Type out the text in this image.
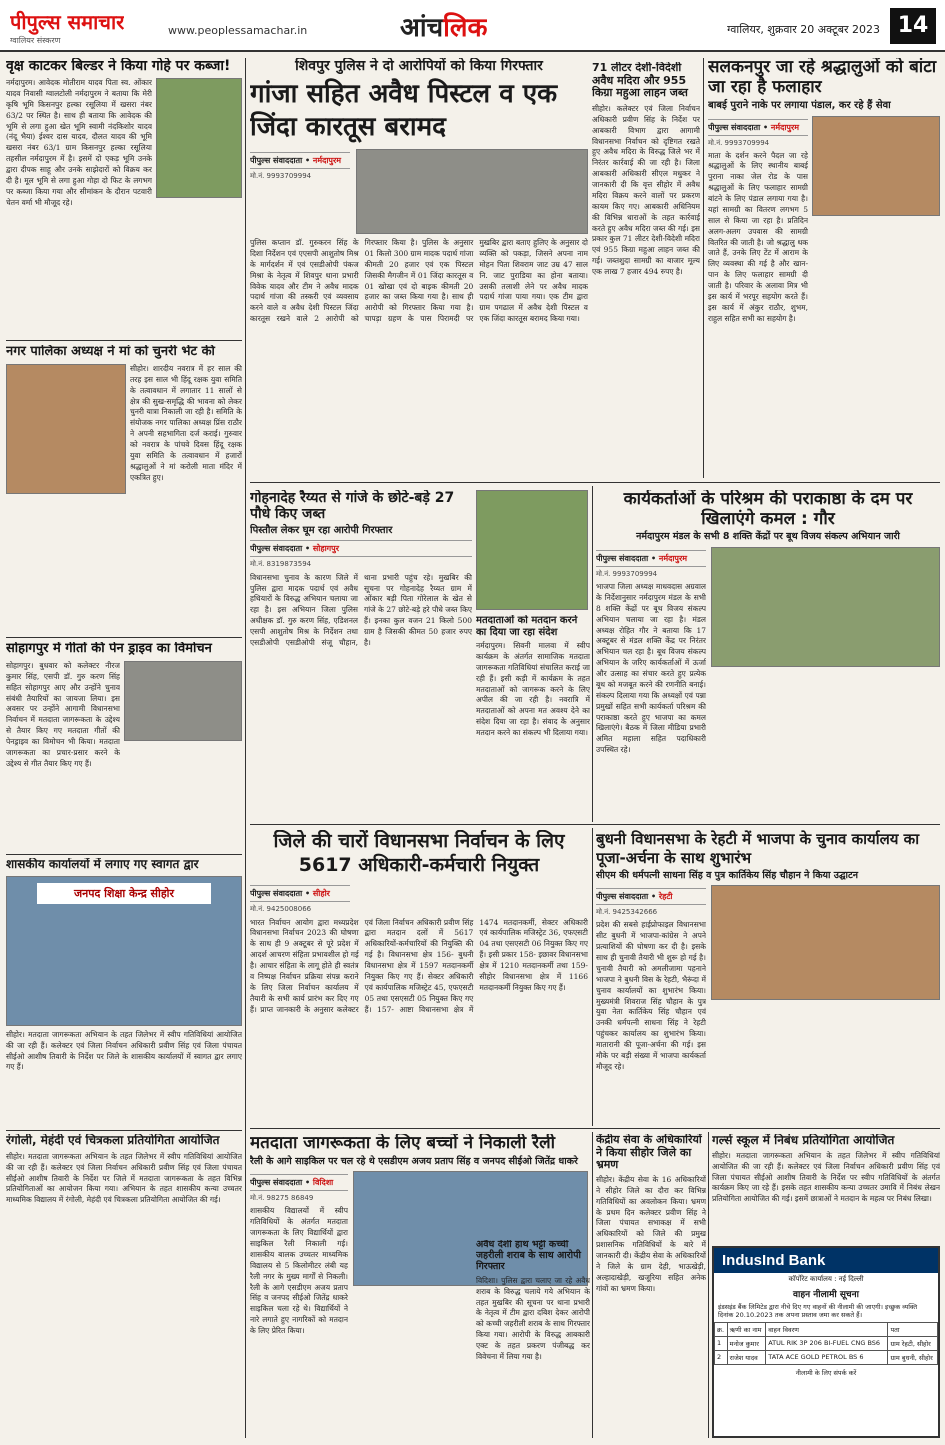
पीपुल्स समाचार
ग्वालियर संस्करण
www.peoplessamachar.in	आंचलिक	ग्वालियर, शुक्रवार 20 अक्टूबर 2023 14
वृक्ष काटकर बिल्डर ने किया गोहे पर कब्जा!
नर्मदापुरम। आवेदक मोतीराम यादव पिता स्व. ओंकार यादव निवासी ग्वालटोली नर्मदापुरम ने बताया कि मेरी कृषि भूमि किसनपुर हल्का रसूलिया में खसरा नंबर 63/2 पर स्थित है। साथ ही बताया कि आवेदक की भूमि से लगा हुआ खेत भूमि स्वामी नंदकिशोर यादव (नंदू भैया) ईश्वर दास यादव, दौलत यादव की भूमि खसरा नंबर 63/1 ग्राम किसनपुर हल्का रसूलिया तहसील नर्मदापुरम में है। इसमें दो एकड़ भूमि उनके द्वारा दीपक साहू और उनके साझेदारों को विक्रय कर दी है। मूल भूमि से लगा हुआ गोहा दो फिट के लगभग पर कब्जा किया गया और सीमांकन के दौरान पटवारी चेतन वर्मा भी मौजूद रहे।
नगर पालिका अध्यक्ष ने मां को चुनरी भेंट की
सीहोर। शारदीय नवरात्र में हर साल की तरह इस साल भी हिंदू रक्षक युवा समिति के तत्वावधान में लगातार 11 सालों से क्षेत्र की सुख-समृद्धि की भावना को लेकर चुनरी यात्रा निकाली जा रही है। समिति के संयोजक नगर पालिका अध्यक्ष प्रिंस राठौर ने अपनी सहभागिता दर्ज कराई। गुरुवार को नवरात्र के पांचवे दिवस हिंदू रक्षक युवा समिति के तत्वावधान में हजारों श्रद्धालुओं ने मां करोली माता मंदिर में एकत्रित हुए।
सोहागपुर में गीतों की पेन ड्राइव का विमोचन
सोहागपुर। बुधवार को कलेक्टर नीरज कुमार सिंह, एसपी डॉ. गुरु करण सिंह सहित सोहागपुर आए और उन्होंने चुनाव संबंधी तैयारियों का जायजा लिया। इस अवसर पर उन्होंने आगामी विधानसभा निर्वाचन में मतदाता जागरूकता के उद्देश्य से तैयार किए गए मतदाता गीतों की पेनड्राइव का विमोचन भी किया। मतदाता जागरूकता का प्रचार-प्रसार करने के उद्देश्य से गीत तैयार किए गए हैं।
शासकीय कार्यालयों में लगाए गए स्वागत द्वार
जनपद शिक्षा केन्द्र सीहोर
सीहोर। मतदाता जागरूकता अभियान के तहत जिलेभर में स्वीप गतिविधियां आयोजित की जा रही हैं। कलेक्टर एवं जिला निर्वाचन अधिकारी प्रवीण सिंह एवं जिला पंचायत सीईओ आशीष तिवारी के निर्देश पर जिले के शासकीय कार्यालयों में स्वागत द्वार लगाए गए हैं।
रंगोली, मेहंदी एवं चित्रकला प्रतियोगिता आयोजित
सीहोर। मतदाता जागरूकता अभियान के तहत जिलेभर में स्वीप गतिविधियां आयोजित की जा रही हैं। कलेक्टर एवं जिला निर्वाचन अधिकारी प्रवीण सिंह एवं जिला पंचायत सीईओ आशीष तिवारी के निर्देश पर जिले में मतदाता जागरूकता के तहत विभिन्न प्रतियोगिताओं का आयोजन किया गया। अभियान के तहत शासकीय कन्या उच्चतर माध्यमिक विद्यालय में रंगोली, मेहंदी एवं चित्रकला प्रतियोगिता आयोजित की गई।
शिवपुर पुलिस ने दो आरोपियों को किया गिरफ्तार
गांजा सहित अवैध पिस्टल व एक जिंदा कारतूस बरामद
पीपुल्स संवाददाता • नर्मदापुरम
मो.नं. 9993709994
पुलिस कप्तान डॉ. गुरुकरन सिंह के दिशा निर्देशन एवं एएसपी आशुतोष मिश्र के मार्गदर्शन में एवं एसडीओपी पंकज मिश्रा के नेतृत्व में शिवपुर थाना प्रभारी विवेक यादव और टीम ने अवैध मादक पदार्थ गांजा की तस्करी एवं व्यवसाय करने वाले व अवैध देशी पिस्टल जिंदा कारतूस रखने वाले 2 आरोपी को गिरफ्तार किया है। पुलिस के अनुसार 01 किलो 300 ग्राम मादक पदार्थ गांजा कीमती 20 हजार एवं एक पिस्टल जिसकी मैगजीन में 01 जिंदा कारतूस व 01 खोखा एवं दो बाइक कीमती 20 हजार का जब्त किया गया है। साथ ही आरोपी को गिरफ्तार किया गया है। चापड़ा ग्रहण के पास पिरामदी पर मुखबिर द्वारा बताए हुलिए के अनुसार दो व्यक्ति को पकड़ा, जिसने अपना नाम मोहन पिता शिवराम जाट उम्र 47 साल नि. जाट पुराडिया का होना बताया। उसकी तलाशी लेने पर अवैध मादक पदार्थ गांजा पाया गया। एक टीम द्वारा ग्राम पगढाल में अवैध देशी पिस्टल व एक जिंदा कारतूस बरामद किया गया।
71 लीटर देशी-विदेशी अवैध मदिरा और 955 किग्रा महुआ लाहन जब्त
सीहोर। कलेक्टर एवं जिला निर्वाचन अधिकारी प्रवीण सिंह के निर्देश पर आबकारी विभाग द्वारा आगामी विधानसभा निर्वाचन को दृष्टिगत रखते हुए अवैध मदिरा के विरुद्ध जिले भर में निरंतर कार्रवाई की जा रही है। जिला आबकारी अधिकारी सीएल मधुकर ने जानकारी दी कि वृत्त सीहोर में अवैध मदिरा विक्रय करने वालों पर प्रकरण कायम किए गए। आबकारी अधिनियम की विभिन्न धाराओं के तहत कार्रवाई करते हुए अवैध मदिरा जब्त की गई। इस प्रकार कुल 71 लीटर देशी-विदेशी मदिरा एवं 955 किग्रा महुआ लाहन जब्त की गई। जब्तशुदा सामग्री का बाजार मूल्य एक लाख 7 हजार 494 रुपए है।
सलकनपुर जा रहे श्रद्धालुओं को बांटा जा रहा है फलाहार
बाबई पुराने नाके पर लगाया पंडाल, कर रहे हैं सेवा
पीपुल्स संवाददाता • नर्मदापुरम
मो.नं. 9993709994
माता के दर्शन करने पैदल जा रहे श्रद्धालुओं के लिए स्थानीय बाबई पुराना नाका जेल रोड के पास श्रद्धालुओं के लिए फलाहार सामग्री बांटने के लिए पंडाल लगाया गया है। यहां सामग्री का वितरण लगभग 5 साल से किया जा रहा है। प्रतिदिन अलग-अलग उपवास की सामग्री वितरित की जाती है। जो श्रद्धालु थक जाते हैं, उनके लिए टेंट में आराम के लिए व्यवस्था की गई है और खान-पान के लिए फलाहार सामग्री दी जाती है। परिवार के अलावा मित्र भी इस कार्य में भरपूर सहयोग करते हैं। इस कार्य में अंकुर राठौर, शुभम, राहुल सहित सभी का सहयोग है।
गोहनादेह रैय्यत से गांजे के छोटे-बड़े 27 पौधे किए जब्त
पिस्तौल लेकर घूम रहा आरोपी गिरफ्तार
पीपुल्स संवाददाता • सोहागपुर
मो.नं. 8319873594
विधानसभा चुनाव के कारण जिले में पुलिस द्वारा मादक पदार्थ एवं अवैध हथियारों के विरुद्ध अभियान चलाया जा रहा है। इस अभियान जिला पुलिस अधीक्षक डॉ. गुरु करण सिंह, एडिशनल एसपी आशुतोष मिश्र के निर्देशन तथा एसडीओपी एसडीओपी संजू चौहान, थाना प्रभारी पहुंच रहे। मुखबिर की सूचना पर गोहनादेह रैय्यत ग्राम में ओंकार बड़ी पिता गोरेलाल के खेत से गांजे के 27 छोटे-बड़े हरे पौधे जब्त किए हैं। इनका कुल वजन 21 किलो 500 ग्राम है जिसकी कीमत 50 हजार रुपए है।
मतदाताओं को मतदान करने का दिया जा रहा संदेश
नर्मदापुरम। सिवनी मालवा में स्वीप कार्यक्रम के अंतर्गत सामाजिक मतदाता जागरूकता गतिविधियां संचालित कराई जा रही हैं। इसी कड़ी में कार्यक्रम के तहत मतदाताओं को जागरूक करने के लिए अपील की जा रही है। नवरात्रि में मतदाताओं को अपना मत अवश्य देने का संदेश दिया जा रहा है। संवाद के अनुसार मतदान करने का संकल्प भी दिलाया गया।
कार्यकर्ताओं के परिश्रम की पराकाष्ठा के दम पर खिलाएंगे कमल : गौर
नर्मदापुरम मंडल के सभी 8 शक्ति केंद्रों पर बूथ विजय संकल्प अभियान जारी
पीपुल्स संवाददाता • नर्मदापुरम
मो.नं. 9993709994
भाजपा जिला अध्यक्ष माधवदास अग्रवाल के निर्देशानुसार नर्मदापुरम मंडल के सभी 8 शक्ति केंद्रों पर बूथ विजय संकल्प अभियान चलाया जा रहा है। मंडल अध्यक्ष रोहित गौर ने बताया कि 17 अक्टूबर से मंडल शक्ति केंद्र पर निरंतर अभियान चल रहा है। बूथ विजय संकल्प अभियान के जरिए कार्यकर्ताओं में ऊर्जा और उत्साह का संचार करते हुए प्रत्येक बूथ को मजबूत करने की रणनीति बनाई। संकल्प दिलाया गया कि अध्यक्षों एवं पन्ना प्रमुखों सहित सभी कार्यकर्ता परिश्रम की पराकाष्ठा करते हुए भाजपा का कमल खिलाएंगे। बैठक में जिला मीडिया प्रभारी अमित महाला सहित पदाधिकारी उपस्थित रहे।
जिले की चारों विधानसभा निर्वाचन के लिए 5617 अधिकारी-कर्मचारी नियुक्त
पीपुल्स संवाददाता • सीहोर
मो.नं. 9425008066
भारत निर्वाचन आयोग द्वारा मध्यप्रदेश विधानसभा निर्वाचन 2023 की घोषणा के साथ ही 9 अक्टूबर से पूरे प्रदेश में आदर्श आचरण संहिता प्रभावशील हो गई है। आचार संहिता के लागू होते ही स्वतंत्र व निष्पक्ष निर्वाचन प्रक्रिया संपन्न कराने के लिए जिला निर्वाचन कार्यालय में तैयारी के सभी कार्य प्रारंभ कर दिए गए हैं। प्राप्त जानकारी के अनुसार कलेक्टर एवं जिला निर्वाचन अधिकारी प्रवीण सिंह द्वारा मतदान दलों में 5617 अधिकारियों-कर्मचारियों की नियुक्ति की गई है। विधानसभा क्षेत्र 156- बुधनी विधानसभा क्षेत्र में 1597 मतदानकर्मी नियुक्त किए गए हैं। सेक्टर अधिकारी एवं कार्यपालिक मजिस्ट्रेट 45, एफएसटी 05 तथा एसएसटी 05 नियुक्त किए गए हैं। 157- आष्टा विधानसभा क्षेत्र में 1474 मतदानकर्मी, सेक्टर अधिकारी एवं कार्यपालिक मजिस्ट्रेट 36, एफएसटी 04 तथा एसएसटी 06 नियुक्त किए गए हैं। इसी प्रकार 158- इछावर विधानसभा क्षेत्र में 1210 मतदानकर्मी तथा 159- सीहोर विधानसभा क्षेत्र में 1166 मतदानकर्मी नियुक्त किए गए हैं।
बुधनी विधानसभा के रेहटी में भाजपा के चुनाव कार्यालय का पूजा-अर्चना के साथ शुभारंभ
सीएम की धर्मपत्नी साधना सिंह व पुत्र कार्तिकेय सिंह चौहान ने किया उद्घाटन
पीपुल्स संवाददाता • रेहटी
मो.नं. 9425342666
प्रदेश की सबसे हाईप्रोफाइल विधानसभा सीट बुधनी में भाजपा-कांग्रेस ने अपने प्रत्याशियों की घोषणा कर दी है। इसके साथ ही चुनावी तैयारी भी शुरू हो गई है। चुनावी तैयारी को अमलीजामा पहनाने भाजपा ने बुधनी विस के रेहटी, भैरूंदा में चुनाव कार्यालयों का शुभारंभ किया। मुख्यमंत्री शिवराज सिंह चौहान के पुत्र युवा नेता कार्तिकेय सिंह चौहान एवं उनकी धर्मपत्नी साधना सिंह ने रेहटी पहुंचकर कार्यालय का शुभारंभ किया। मातारानी की पूजा-अर्चना की गई। इस मौके पर बड़ी संख्या में भाजपा कार्यकर्ता मौजूद रहे।
मतदाता जागरूकता के लिए बच्चों ने निकाली रैली
रैली के आगे साइकिल पर चल रहे थे एसडीएम अजय प्रताप सिंह व जनपद सीईओ जितेंद्र धाकरे
पीपुल्स संवाददाता • विदिशा
मो.नं. 98275 86849
शासकीय विद्यालयों में स्वीप गतिविधियों के अंतर्गत मतदाता जागरूकता के लिए विद्यार्थियों द्वारा साइकिल रैली निकाली गई। शासकीय बालक उच्चतर माध्यमिक विद्यालय से 5 किलोमीटर लंबी यह रैली नगर के मुख्य मार्गों से निकली। रैली के आगे एसडीएम अजय प्रताप सिंह व जनपद सीईओ जितेंद्र धाकरे साइकिल चला रहे थे। विद्यार्थियों ने नारे लगाते हुए नागरिकों को मतदान के लिए प्रेरित किया।
अवैध देशी हाथ भट्टी कच्ची जहरीली शराब के साथ आरोपी गिरफ्तार
विदिशा। पुलिस द्वारा चलाए जा रहे अवैध शराब के विरुद्ध चलाये गये अभियान के तहत मुखबिर की सूचना पर थाना प्रभारी के नेतृत्व में टीम द्वारा दबिश देकर आरोपी को कच्ची जहरीली शराब के साथ गिरफ्तार किया गया। आरोपी के विरुद्ध आबकारी एक्ट के तहत प्रकरण पंजीबद्ध कर विवेचना में लिया गया है।
केंद्रीय सेवा के अधिकारियों ने किया सीहोर जिले का भ्रमण
सीहोर। केंद्रीय सेवा के 16 अधिकारियों ने सीहोर जिले का दौरा कर विभिन्न गतिविधियों का अवलोकन किया। भ्रमण के प्रथम दिन कलेक्टर प्रवीण सिंह ने जिला पंचायत सभाकक्ष में सभी अधिकारियों को जिले की प्रमुख प्रशासनिक गतिविधियों के बारे में जानकारी दी। केंद्रीय सेवा के अधिकारियों ने जिले के ग्राम देही, भाऊखेड़ी, अल्हादाखेड़ी, खजूरिया सहित अनेक गांवों का भ्रमण किया।
गर्ल्स स्कूल में निबंध प्रतियोगिता आयोजित
सीहोर। मतदाता जागरूकता अभियान के तहत जिलेभर में स्वीप गतिविधियां आयोजित की जा रही हैं। कलेक्टर एवं जिला निर्वाचन अधिकारी प्रवीण सिंह एवं जिला पंचायत सीईओ आशीष तिवारी के निर्देश पर स्वीप गतिविधियों के अंतर्गत कार्यक्रम किए जा रहे हैं। इसके तहत शासकीय कन्या उच्चतर उमावि में निबंध लेखन प्रतियोगिता आयोजित की गई। इसमें छात्राओं ने मतदान के महत्व पर निबंध लिखा।
IndusInd Bank
कॉर्पोरेट कार्यालय : नई दिल्ली
वाहन नीलामी सूचना
इंडसइंड बैंक लिमिटेड द्वारा नीचे दिए गए वाहनों की नीलामी की जाएगी। इच्छुक व्यक्ति दिनांक 20.10.2023 तक अपना प्रस्ताव जमा कर सकते हैं।
क्र.	ऋणी का नाम	वाहन विवरण	पता
1	मनोज कुमार	ATUL RIK 3P 206 BI-FUEL CNG BS6	ग्राम रेहटी, सीहोर
2	राजेश यादव	TATA ACE GOLD PETROL BS 6	ग्राम बुधनी, सीहोर
नीलामी के लिए संपर्क करें
